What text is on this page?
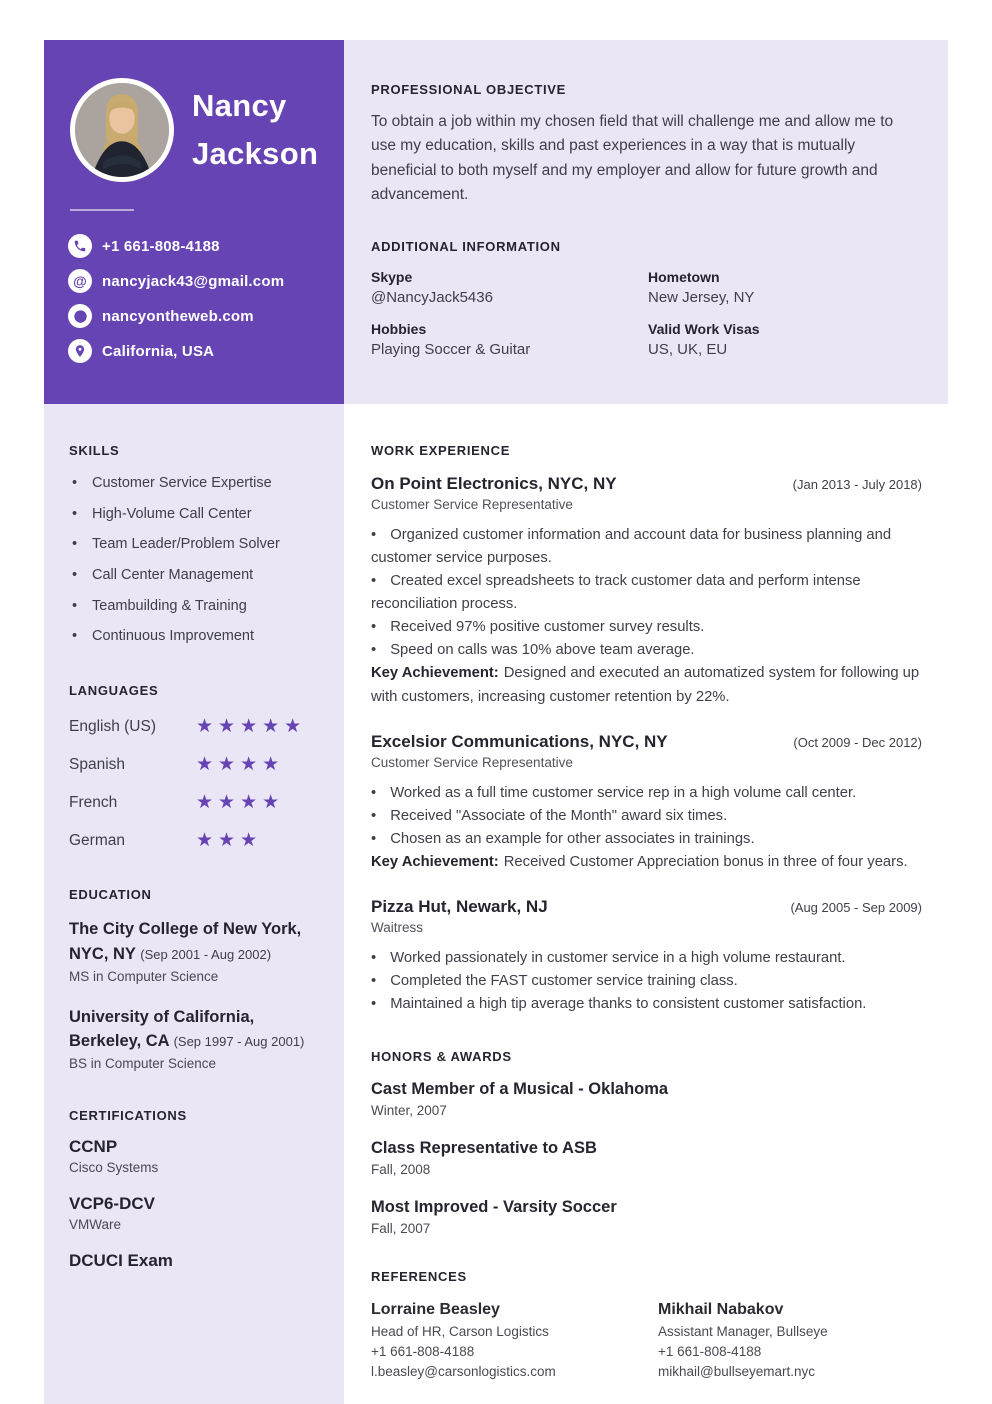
Nancy
Jackson
+1 661-808-4188
@ nancyjack43@gmail.com
nancyontheweb.com
California, USA
PROFESSIONAL OBJECTIVE
To obtain a job within my chosen field that will challenge me and allow me to use my education, skills and past experiences in a way that is mutually beneficial to both myself and my employer and allow for future growth and advancement.
ADDITIONAL INFORMATION
Skype
@NancyJack5436
Hometown
New Jersey, NY
Hobbies
Playing Soccer & Guitar
Valid Work Visas
US, UK, EU
SKILLS
• Customer Service Expertise
• High-Volume Call Center
• Team Leader/Problem Solver
• Call Center Management
• Teambuilding & Training
• Continuous Improvement
LANGUAGES
English (US)	★★★★★
Spanish	★★★★
French	★★★★
German	★★★
EDUCATION
The City College of New York, NYC, NY (Sep 2001 - Aug 2002)
MS in Computer Science
University of California, Berkeley, CA (Sep 1997 - Aug 2001)
BS in Computer Science
CERTIFICATIONS
CCNP
Cisco Systems
VCP6-DCV
VMWare
DCUCI Exam
WORK EXPERIENCE
On Point Electronics, NYC, NY	(Jan 2013 - July 2018)
Customer Service Representative
• Organized customer information and account data for business planning and customer service purposes.
• Created excel spreadsheets to track customer data and perform intense reconciliation process.
• Received 97% positive customer survey results.
• Speed on calls was 10% above team average.
Key Achievement: Designed and executed an automatized system for following up with customers, increasing customer retention by 22%.
Excelsior Communications, NYC, NY	(Oct 2009 - Dec 2012)
Customer Service Representative
• Worked as a full time customer service rep in a high volume call center.
• Received "Associate of the Month" award six times.
• Chosen as an example for other associates in trainings.
Key Achievement: Received Customer Appreciation bonus in three of four years.
Pizza Hut, Newark, NJ	(Aug 2005 - Sep 2009)
Waitress
• Worked passionately in customer service in a high volume restaurant.
• Completed the FAST customer service training class.
• Maintained a high tip average thanks to consistent customer satisfaction.
HONORS & AWARDS
Cast Member of a Musical - Oklahoma
Winter, 2007
Class Representative to ASB
Fall, 2008
Most Improved - Varsity Soccer
Fall, 2007
REFERENCES
Lorraine Beasley
Head of HR, Carson Logistics
+1 661-808-4188
l.beasley@carsonlogistics.com
Mikhail Nabakov
Assistant Manager, Bullseye
+1 661-808-4188
mikhail@bullseyemart.nyc
